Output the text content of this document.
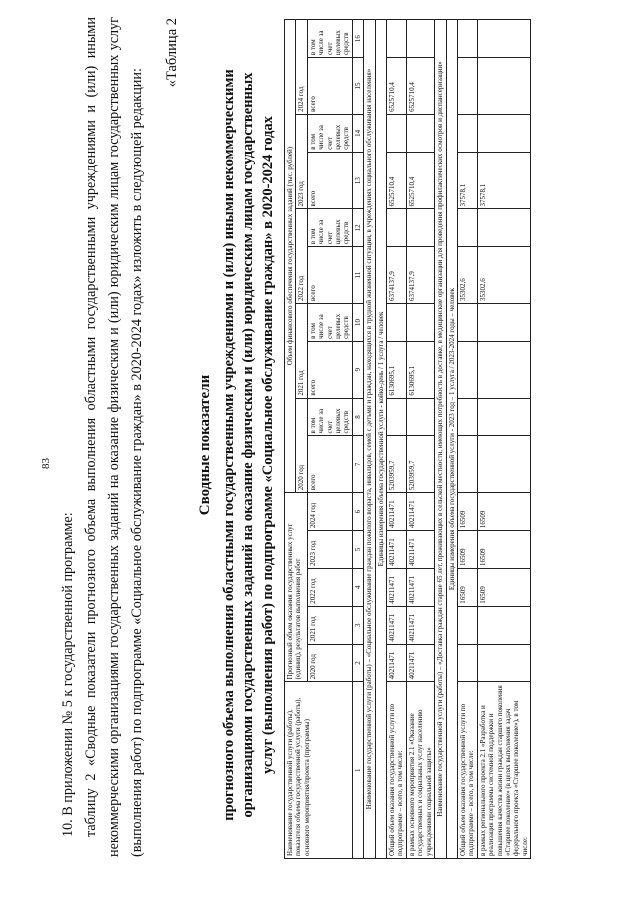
83
10. В приложении № 5 к государственной программе: таблицу 2 «Сводные показатели прогнозного объема выполнения областными государственными учреждениями и (или) иными некоммерческими организациями государственных заданий на оказание физическим и (или) юридическим лицам государственных услуг (выполнения работ) по подпрограмме «Социальное обслуживание граждан» в 2020-2024 годах» изложить в следующей редакции:
«Таблица 2
Сводные показатели прогнозного объема выполнения областными государственными учреждениями и (или) иными некоммерческими организациями государственных заданий на оказание физическим и (или) юридическим лицам государственных услуг (выполнения работ) по подпрограмме «Социальное обслуживание граждан» в 2020-2024 годах
Наименование государственной услуги (работы), показателя объема государственной услуги (работы), основного мероприятия/проекта (программы)	Прогнозный объем оказания государственных услуг (единиц), результатов выполнения работ					Объем финансового обеспечения государственных заданий (тыс. рублей)									
						2020 год		2021 год		2022 год		2023 год		2024 год	
	2020 год	2021 год	2022 год	2023 год	2024 год	всего	в том числе за счет целевых средств	всего	в том числе за счет целевых средств	всего	в том числе за счет целевых средств	всего	в том числе за счет целевых средств	всего	в том числе за счет целевых средств
1	2	3	4	5	6	7	8	9	10	11	12	13	14	15	16
Наименование государственной услуги (работы) – «Социальное обслуживание граждан пожилого возраста, инвалидов, семей с детьми и граждан, находящихся в трудной жизненной ситуации, в учреждениях социального обслуживания населения»															
Единицы измерения объема государственной услуги - койко-день / 1 услуга / человек															
Общий объем оказания государственной услуги по подпрограмме – всего, в том числе:	40211471	40211471	40211471	40211471	40211471	5203959,7		6130695,1		6374137,9		6525710,4		6525710,4	
в рамках основного мероприятия 2.1 «Оказание государственных и социальных услуг населению учреждениями социальной защиты»	40211471	40211471	40211471	40211471	40211471	5203959,7		6130695,1		6374137,9		6525710,4		6525710,4	
Наименование государственной услуги (работы) – «Доставка граждан старше 65 лет, проживающих в сельской местности, имеющих потребность в доставке, в медицинские организации для проведения профилактических осмотров и диспансеризации»															
Единицы измерения объема государственной услуги - 2023 год – 1 услуга / 2023-2024 годы – человек															
Общий объем оказания государственной услуги по подпрограмме – всего, в том числе:			16509	16509	16509					35302,6		37578,1			
в рамках регионального проекта 2.1 «Разработка и реализация программы системной поддержки и повышения качества жизни граждан старшего поколения «Старшее поколение» (в целях выполнения задач федерального проекта «Старшее поколение»), в том числе:			16509	16509	16509					35302,6		37578,1			
